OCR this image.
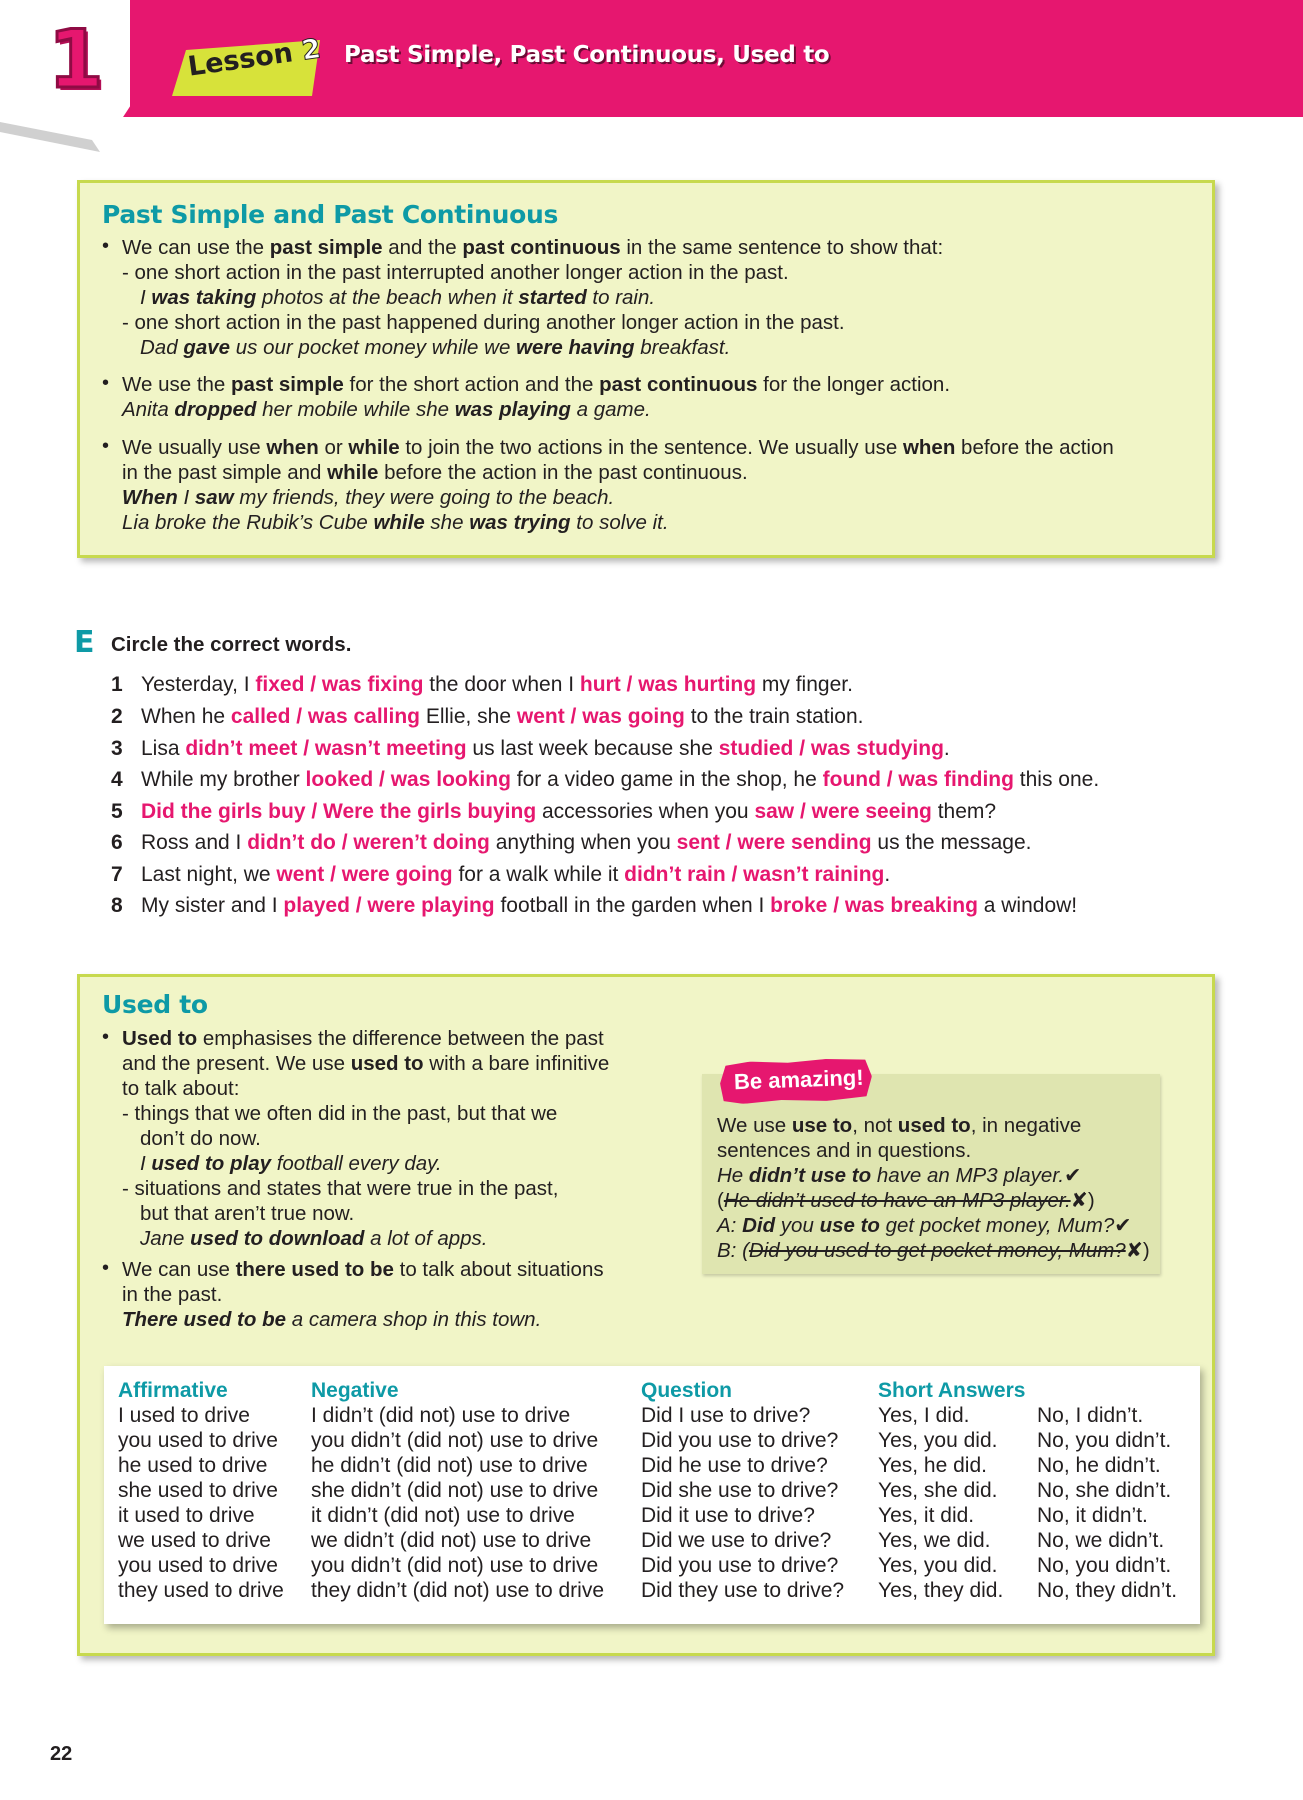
1	Lesson 2 Past Simple, Past Continuous, Used to
Past Simple and Past Continuous
• We can use the past simple and the past continuous in the same sentence to show that:
- one short action in the past interrupted another longer action in the past.
I was taking photos at the beach when it started to rain.
- one short action in the past happened during another longer action in the past.
Dad gave us our pocket money while we were having breakfast.
• We use the past simple for the short action and the past continuous for the longer action.
Anita dropped her mobile while she was playing a game.
• We usually use when or while to join the two actions in the sentence. We usually use when before the action
in the past simple and while before the action in the past continuous.
When I saw my friends, they were going to the beach.
Lia broke the Rubik’s Cube while she was trying to solve it.
E Circle the correct words.
1 Yesterday, I fixed / was fixing the door when I hurt / was hurting my finger.
2 When he called / was calling Ellie, she went / was going to the train station.
3 Lisa didn’t meet / wasn’t meeting us last week because she studied / was studying.
4 While my brother looked / was looking for a video game in the shop, he found / was finding this one.
5 Did the girls buy / Were the girls buying accessories when you saw / were seeing them?
6 Ross and I didn’t do / weren’t doing anything when you sent / were sending us the message.
7 Last night, we went / were going for a walk while it didn’t rain / wasn’t raining.
8 My sister and I played / were playing football in the garden when I broke / was breaking a window!
Used to
• Used to emphasises the difference between the past
and the present. We use used to with a bare infinitive
to talk about:
- things that we often did in the past, but that we
don’t do now.
I used to play football every day.
- situations and states that were true in the past,
but that aren’t true now.
Jane used to download a lot of apps.
• We can use there used to be to talk about situations
in the past.
There used to be a camera shop in this town.
Be amazing!
We use use to, not used to, in negative
sentences and in questions.
He didn’t use to have an MP3 player.✔
(He didn’t used to have an MP3 player.✘)
A: Did you use to get pocket money, Mum?✔
B: (Did you used to get pocket money, Mum?✘)
Affirmative
I used to drive
you used to drive
he used to drive
she used to drive
it used to drive
we used to drive
you used to drive
they used to drive
Negative
I didn’t (did not) use to drive
you didn’t (did not) use to drive
he didn’t (did not) use to drive
she didn’t (did not) use to drive
it didn’t (did not) use to drive
we didn’t (did not) use to drive
you didn’t (did not) use to drive
they didn’t (did not) use to drive
Question
Did I use to drive?
Did you use to drive?
Did he use to drive?
Did she use to drive?
Did it use to drive?
Did we use to drive?
Did you use to drive?
Did they use to drive?
Short Answers
Yes, I did.
Yes, you did.
Yes, he did.
Yes, she did.
Yes, it did.
Yes, we did.
Yes, you did.
Yes, they did.
No, I didn’t.
No, you didn’t.
No, he didn’t.
No, she didn’t.
No, it didn’t.
No, we didn’t.
No, you didn’t.
No, they didn’t.
22
